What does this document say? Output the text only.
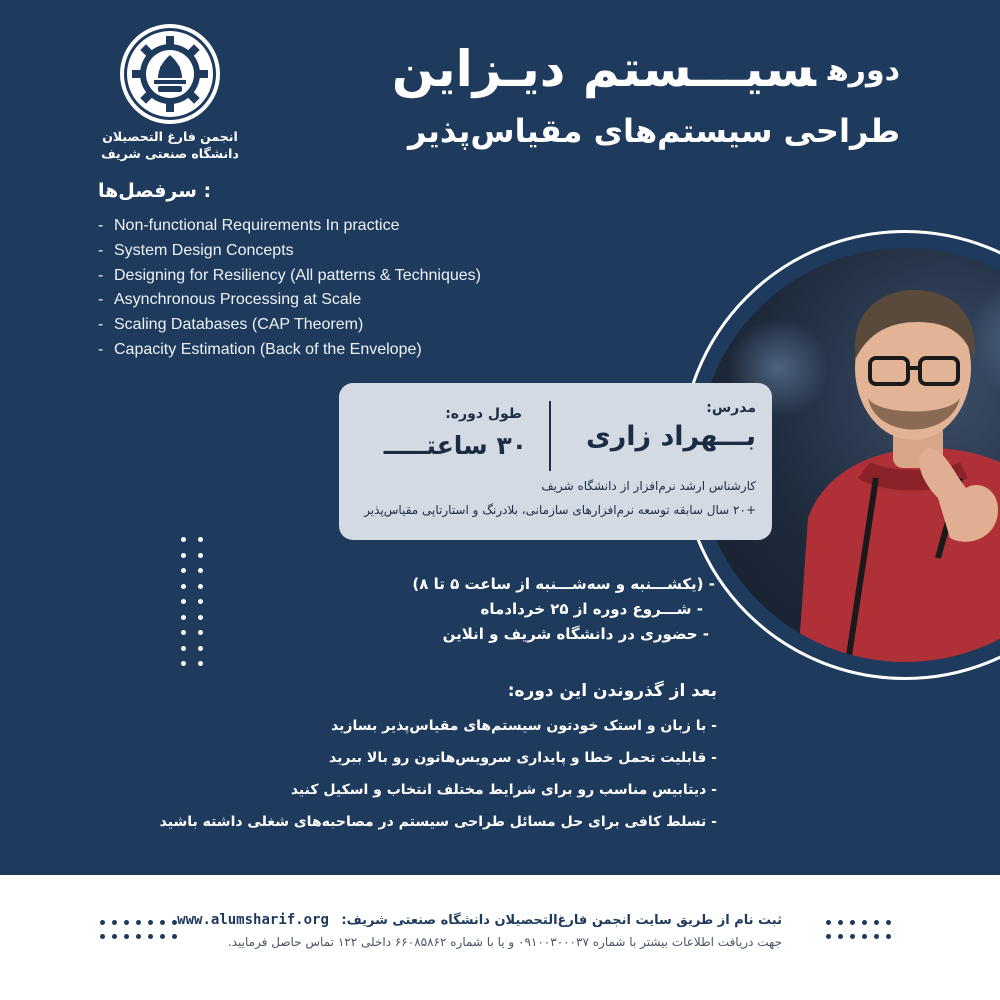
انجمن فارغ التحصیلان
دانشگاه صنعتی شریف
دورهسیـــستم دیـزاین
طراحی سیستم‌های مقیاس‌پذیر
: سرفصل‌ها
- Non-functional Requirements In practice
- System Design Concepts
- Designing for Resiliency (All patterns & Techniques)
- Asynchronous Processing at Scale
- Scaling Databases (CAP Theorem)
- Capacity Estimation (Back of the Envelope)
مدرس:
بـــهراد زاری
طول دوره:
۳۰ ساعتـــــ
کارشناس ارشد نرم‌افزار از دانشگاه شریف
+۲۰ سال سابقه توسعه نرم‌افزارهای سازمانی، بلادرنگ و استارتاپی مقیاس‌پذیر
- (یکشـــنبه و سه‌شـــنبه از ساعت ۵ تا ۸)
- شـــروع دوره از ۲۵ خردادماه
- حضوری در دانشگاه شریف و انلاین
بعد از گذروندن این دوره:
- با زبان و استک خودتون سیستم‌های مقیاس‌پذیر بسازید
- قابلیت تحمل خطا و پایداری سرویس‌هاتون رو بالا ببرید
- دیتابیس مناسب رو برای شرایط مختلف انتخاب و اسکیل کنید
- تسلط کافی برای حل مسائل طراحی سیستم در مصاحبه‌های شغلی داشته باشید
ثبت نام از طریق سایت انجمن فارغ‌التحصیلان دانشگاه صنعتی شریف: www.alumsharif.org
جهت دریافت اطلاعات بیشتر با شماره ۰۹۱۰۰۳۰۰۰۳۷ و یا با شماره ۶۶۰۸۵۸۶۲ داخلی ۱۲۲ تماس حاصل فرمایید.
